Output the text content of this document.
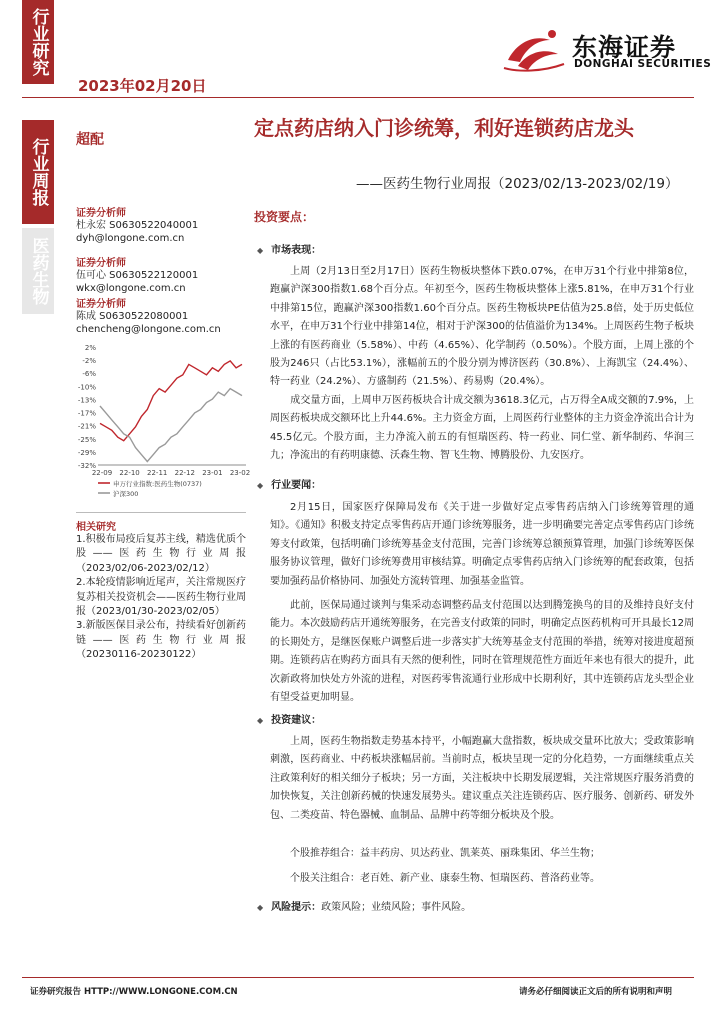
行业研究
行业周报
医药生物
2023年02月20日
东海证券
DONGHAI SECURITIES
超配	定点药店纳入门诊统筹，利好连锁药店龙头
——医药生物行业周报（2023/02/13-2023/02/19）
证券分析师
杜永宏 S0630522040001
dyh@longone.com.cn
证券分析师
伍可心 S0630522120001
wkx@longone.com.cn
证券分析师
陈成 S0630522080001
chencheng@longone.com.cn
2%
-2%
-6%
-10%
-13%
-17%
-21%
-25%
-29%
-32%
22-09 22-10 22-11 22-12 23-01 23-02
申万行业指数:医药生物(0737)
沪深300
相关研究
1.积极布局疫后复苏主线，精选优质个股——医药生物行业周报（2023/02/06-2023/02/12）
2.本轮疫情影响近尾声，关注常规医疗复苏相关投资机会——医药生物行业周报（2023/01/30-2023/02/05）
3.新版医保目录公布，持续看好创新药链——医药生物行业周报（20230116-20230122）
投资要点：
◆ 市场表现：
上周（2月13日至2月17日）医药生物板块整体下跌0.07%，在申万31个行业中排第8位，跑赢沪深300指数1.68个百分点。年初至今，医药生物板块整体上涨5.81%，在申万31个行业中排第15位，跑赢沪深300指数1.60个百分点。医药生物板块PE估值为25.8倍，处于历史低位水平，在申万31个行业中排第14位，相对于沪深300的估值溢价为134%。上周医药生物子板块上涨的有医药商业（5.58%）、中药（4.65%）、化学制药（0.50%）。个股方面，上周上涨的个股为246只（占比53.1%），涨幅前五的个股分别为博济医药（30.8%）、上海凯宝（24.4%）、特一药业（24.2%）、方盛制药（21.5%）、药易购（20.4%）。
成交量方面，上周申万医药板块合计成交额为3618.3亿元，占万得全A成交额的7.9%，上周医药板块成交额环比上升44.6%。主力资金方面，上周医药行业整体的主力资金净流出合计为45.5亿元。个股方面，主力净流入前五的有恒瑞医药、特一药业、同仁堂、新华制药、华润三九；净流出的有药明康德、沃森生物、智飞生物、博腾股份、九安医疗。
◆ 行业要闻：
2月15日，国家医疗保障局发布《关于进一步做好定点零售药店纳入门诊统筹管理的通知》。《通知》积极支持定点零售药店开通门诊统筹服务，进一步明确要完善定点零售药店门诊统筹支付政策，包括明确门诊统筹基金支付范围，完善门诊统筹总额预算管理，加强门诊统筹医保服务协议管理，做好门诊统筹费用审核结算。明确定点零售药店纳入门诊统筹的配套政策，包括要加强药品价格协同、加强处方流转管理、加强基金监管。
此前，医保局通过谈判与集采动态调整药品支付范围以达到腾笼换鸟的目的及维持良好支付能力。本次鼓励药店开通统筹服务，在完善支付政策的同时，明确定点医药机构可开具最长12周的长期处方，是继医保账户调整后进一步落实扩大统筹基金支付范围的举措，统筹对接进度超预期。连锁药店在购药方面具有天然的便利性，同时在管理规范性方面近年来也有很大的提升，此次新政将加快处方外流的进程，对医药零售流通行业形成中长期利好，其中连锁药店龙头型企业有望受益更加明显。
◆ 投资建议：
上周，医药生物指数走势基本持平，小幅跑赢大盘指数，板块成交量环比放大；受政策影响刺激，医药商业、中药板块涨幅居前。当前时点，板块呈现一定的分化趋势，一方面继续重点关注政策利好的相关细分子板块；另一方面，关注板块中长期发展逻辑，关注常规医疗服务消费的加快恢复，关注创新药械的快速发展势头。建议重点关注连锁药店、医疗服务、创新药、研发外包、二类疫苗、特色器械、血制品、品牌中药等细分板块及个股。
个股推荐组合：益丰药房、贝达药业、凯莱英、丽珠集团、华兰生物；
个股关注组合：老百姓、新产业、康泰生物、恒瑞医药、普洛药业等。
◆ 风险提示：政策风险；业绩风险；事件风险。
证券研究报告 HTTP://WWW.LONGONE.COM.CN	请务必仔细阅读正文后的所有说明和声明
